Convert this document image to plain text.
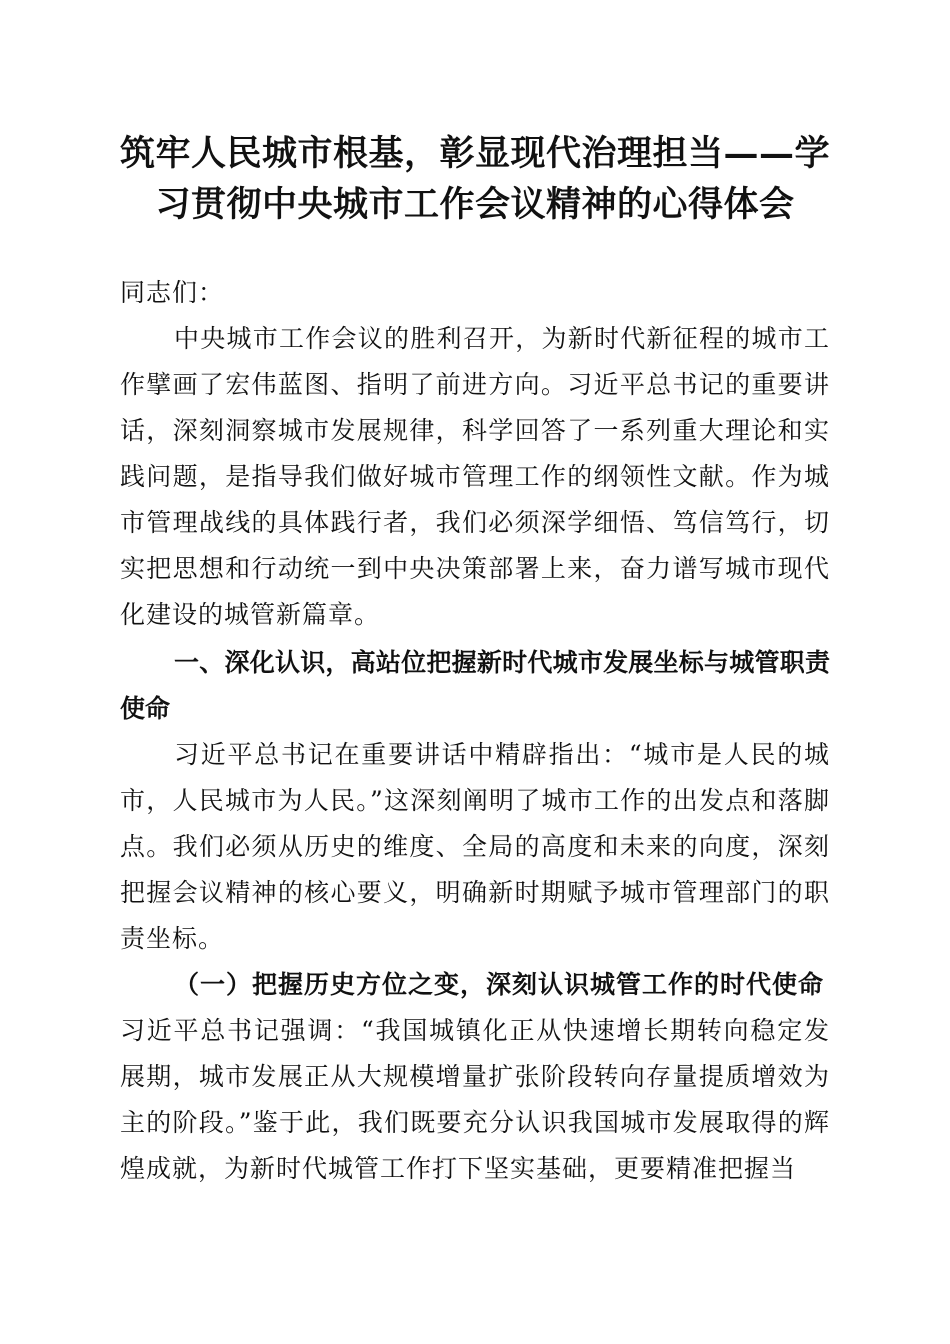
筑牢人民城市根基，彰显现代治理担当——学习贯彻中央城市工作会议精神的心得体会

同志们：

中央城市工作会议的胜利召开，为新时代新征程的城市工作擘画了宏伟蓝图、指明了前进方向。习近平总书记的重要讲话，深刻洞察城市发展规律，科学回答了一系列重大理论和实践问题，是指导我们做好城市管理工作的纲领性文献。作为城市管理战线的具体践行者，我们必须深学细悟、笃信笃行，切实把思想和行动统一到中央决策部署上来，奋力谱写城市现代化建设的城管新篇章。

一、深化认识，高站位把握新时代城市发展坐标与城管职责使命

习近平总书记在重要讲话中精辟指出：“城市是人民的城市，人民城市为人民。”这深刻阐明了城市工作的出发点和落脚点。我们必须从历史的维度、全局的高度和未来的向度，深刻把握会议精神的核心要义，明确新时期赋予城市管理部门的职责坐标。

（一）把握历史方位之变，深刻认识城管工作的时代使命

习近平总书记强调：“我国城镇化正从快速增长期转向稳定发展期，城市发展正从大规模增量扩张阶段转向存量提质增效为主的阶段。”鉴于此，我们既要充分认识我国城市发展取得的辉煌成就，为新时代城管工作打下坚实基础，更要精准把握当
